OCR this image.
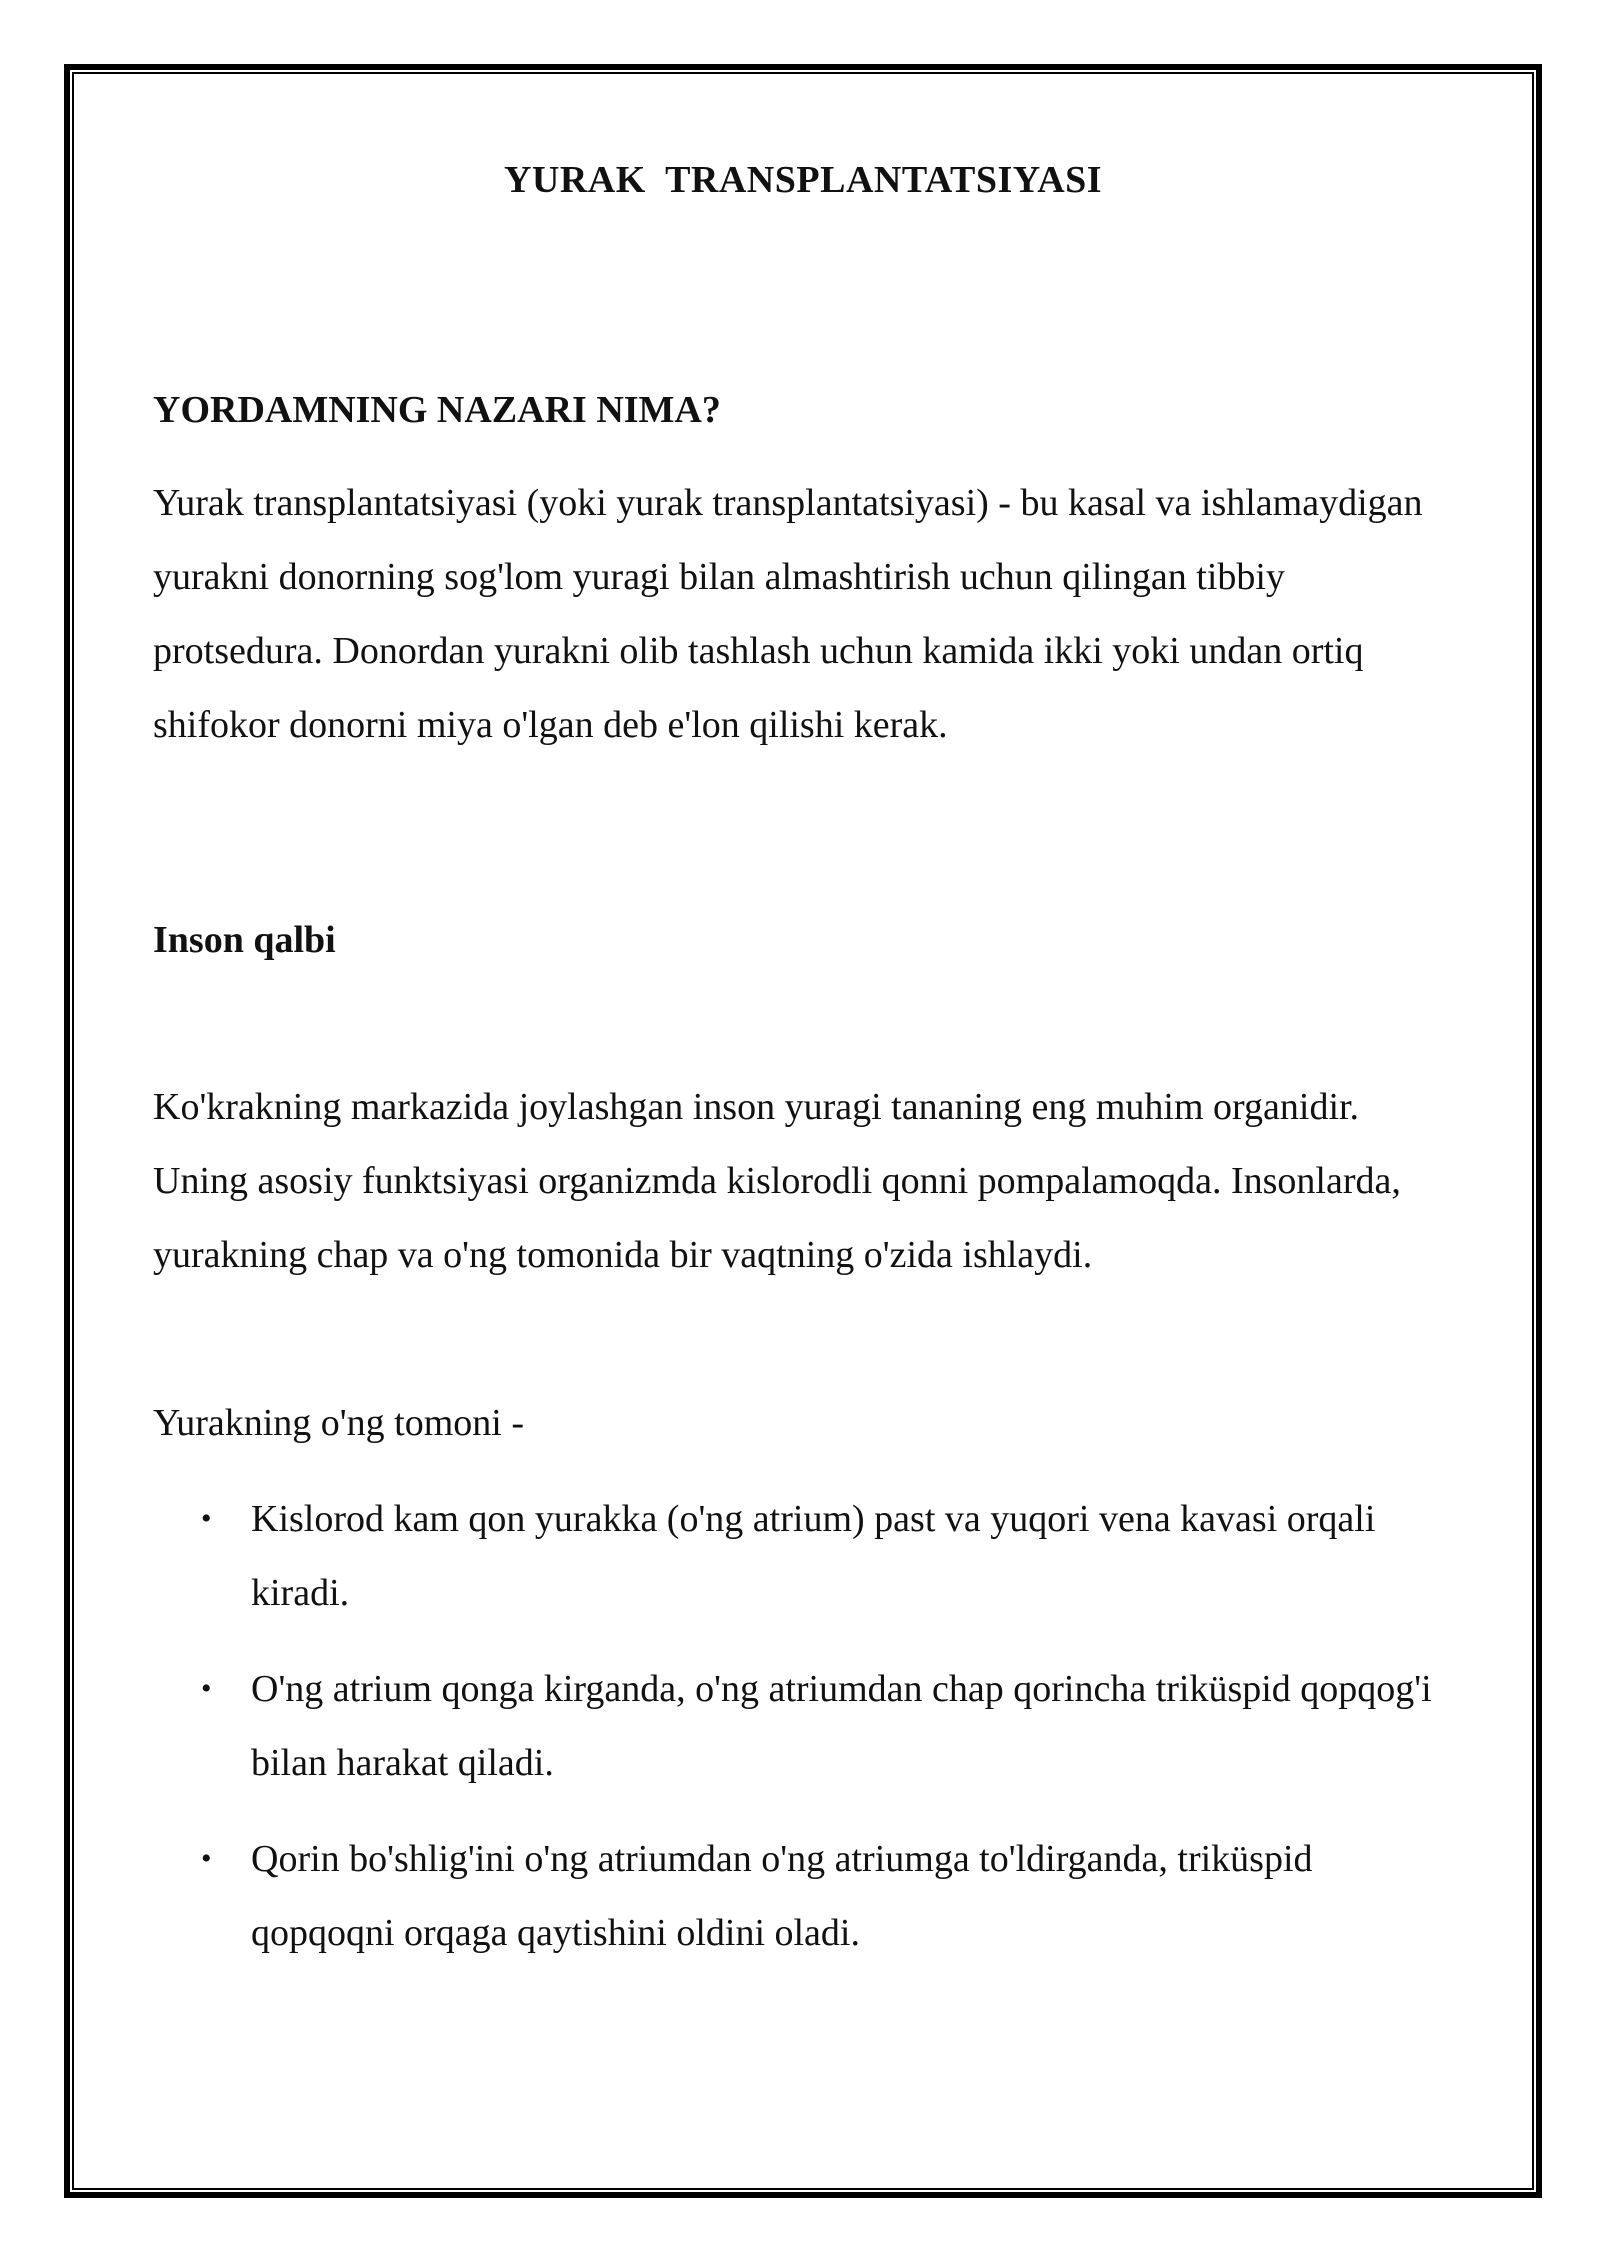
YURAK  TRANSPLANTATSIYASI
YORDAMNING NAZARI NIMA?

Yurak transplantatsiyasi (yoki yurak transplantatsiyasi) - bu kasal va ishlamaydigan yurakni donorning sog'lom yuragi bilan almashtirish uchun qilingan tibbiy protsedura. Donordan yurakni olib tashlash uchun kamida ikki yoki undan ortiq shifokor donorni miya o'lgan deb e'lon qilishi kerak.

Inson qalbi

Ko'krakning markazida joylashgan inson yuragi tananing eng muhim organidir. Uning asosiy funktsiyasi organizmda kislorodli qonni pompalamoqda. Insonlarda, yurakning chap va o'ng tomonida bir vaqtning o'zida ishlaydi.

Yurakning o'ng tomoni -

• Kislorod kam qon yurakka (o'ng atrium) past va yuqori vena kavasi orqali kiradi.
• O'ng atrium qonga kirganda, o'ng atriumdan chap qorincha triküspid qopqog'i bilan harakat qiladi.
• Qorin bo'shlig'ini o'ng atriumdan o'ng atriumga to'ldirganda, triküspid qopqoqni orqaga qaytishini oldini oladi.
